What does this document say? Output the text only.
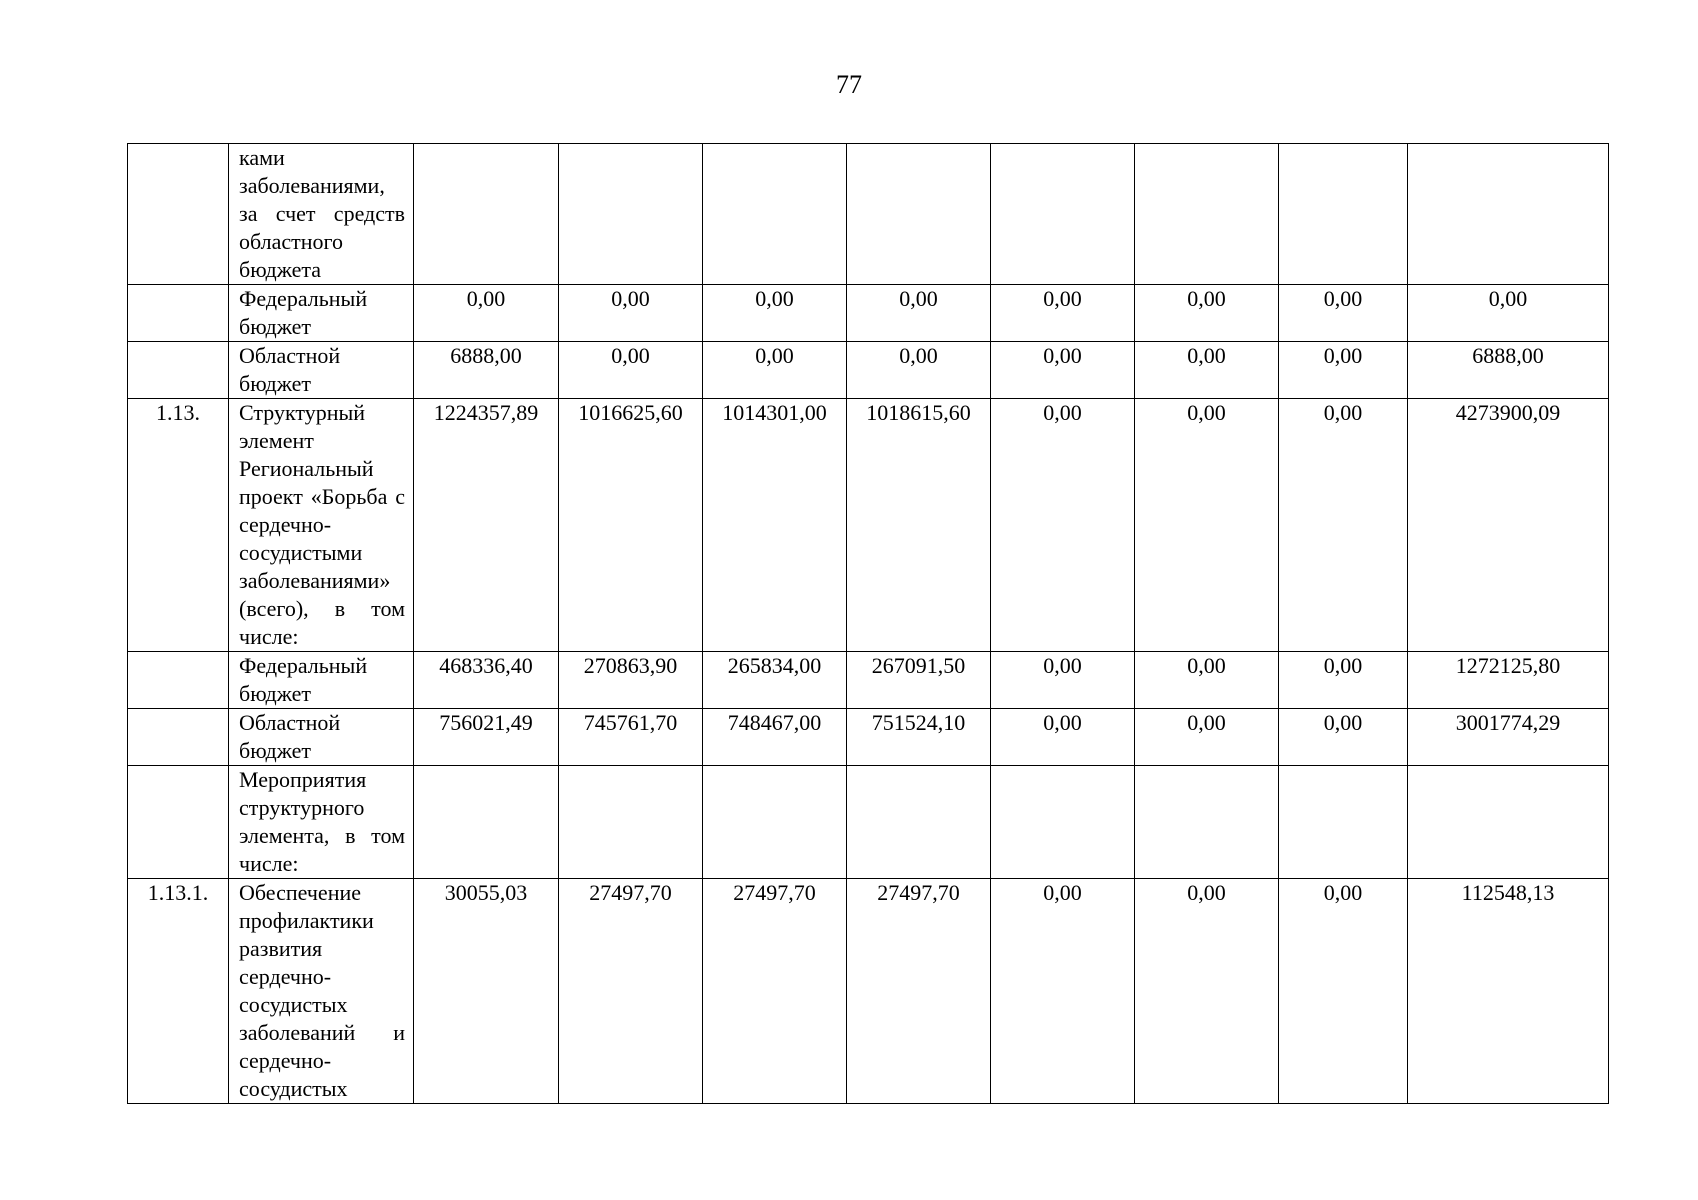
77

	ками заболеваниями, за счет средств областного бюджета								

	Федеральный бюджет	0,00	0,00	0,00	0,00	0,00	0,00	0,00	0,00

	Областной бюджет	6888,00	0,00	0,00	0,00	0,00	0,00	0,00	6888,00
1.13.	Структурный элемент Региональный проект «Борьба с сердечно-сосудистыми заболеваниями» (всего), в том числе:	1224357,89	1016625,60	1014301,00	1018615,60	0,00	0,00	0,00	4273900,09

	Федеральный бюджет	468336,40	270863,90	265834,00	267091,50	0,00	0,00	0,00	1272125,80

	Областной бюджет	756021,49	745761,70	748467,00	751524,10	0,00	0,00	0,00	3001774,29

	Мероприятия структурного элемента, в том числе:								

1.13.1.	Обеспечение профилактики развития сердечно-сосудистых заболеваний и сердечно-сосудистых	30055,03	27497,70	27497,70	27497,70	0,00	0,00	0,00	112548,13
